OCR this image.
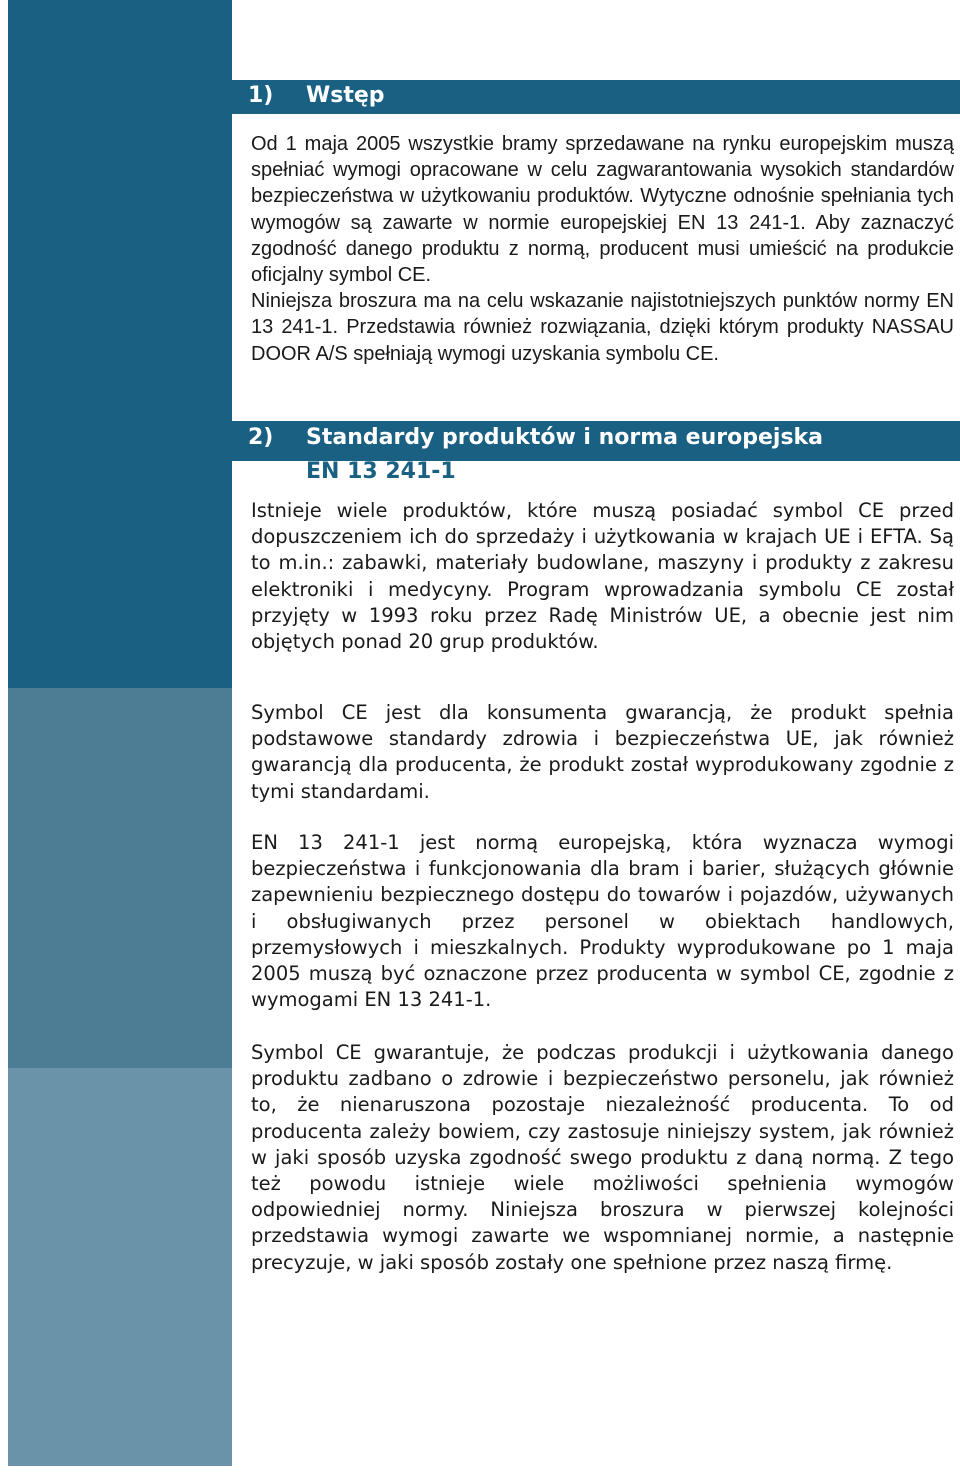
1) Wstęp

Od 1 maja 2005 wszystkie bramy sprzedawane na rynku europejskim muszą spełniać wymogi opracowane w celu zagwarantowania wysokich standardów bezpieczeństwa w użytkowaniu produktów. Wytyczne odnośnie spełniania tych wymogów są zawarte w normie europejskiej EN 13 241-1. Aby zaznaczyć zgodność danego produktu z normą, producent musi umieścić na produkcie oficjalny symbol CE.

Niniejsza broszura ma na celu wskazanie najistotniejszych punktów normy EN 13 241-1. Przedstawia również rozwiązania, dzięki którym produkty NASSAU DOOR A/S spełniają wymogi uzyskania symbolu CE.

2) Standardy produktów i norma europejska
EN 13 241-1

Istnieje wiele produktów, które muszą posiadać symbol CE przed dopuszczeniem ich do sprzedaży i użytkowania w krajach UE i EFTA. Są to m.in.: zabawki, materiały budowlane, maszyny i produkty z zakresu elektroniki i medycyny. Program wprowadzania symbolu CE został przyjęty w 1993 roku przez Radę Ministrów UE, a obecnie jest nim objętych ponad 20 grup produktów.

Symbol CE jest dla konsumenta gwarancją, że produkt spełnia podstawowe standardy zdrowia i bezpieczeństwa UE, jak również gwarancją dla producenta, że produkt został wyprodukowany zgodnie z tymi standardami.

EN 13 241-1 jest normą europejską, która wyznacza wymogi bezpieczeństwa i funkcjonowania dla bram i barier, służących głównie zapewnieniu bezpiecznego dostępu do towarów i pojazdów, używanych i obsługiwanych przez personel w obiektach handlowych, przemysłowych i mieszkalnych. Produkty wyprodukowane po 1 maja 2005 muszą być oznaczone przez producenta w symbol CE, zgodnie z wymogami EN 13 241-1.

Symbol CE gwarantuje, że podczas produkcji i użytkowania danego produktu zadbano o zdrowie i bezpieczeństwo personelu, jak również to, że nienaruszona pozostaje niezależność producenta. To od producenta zależy bowiem, czy zastosuje niniejszy system, jak również w jaki sposób uzyska zgodność swego produktu z daną normą. Z tego też powodu istnieje wiele możliwości spełnienia wymogów odpowiedniej normy. Niniejsza broszura w pierwszej kolejności przedstawia wymogi zawarte we wspomnianej normie, a następnie precyzuje, w jaki sposób zostały one spełnione przez naszą firmę.
